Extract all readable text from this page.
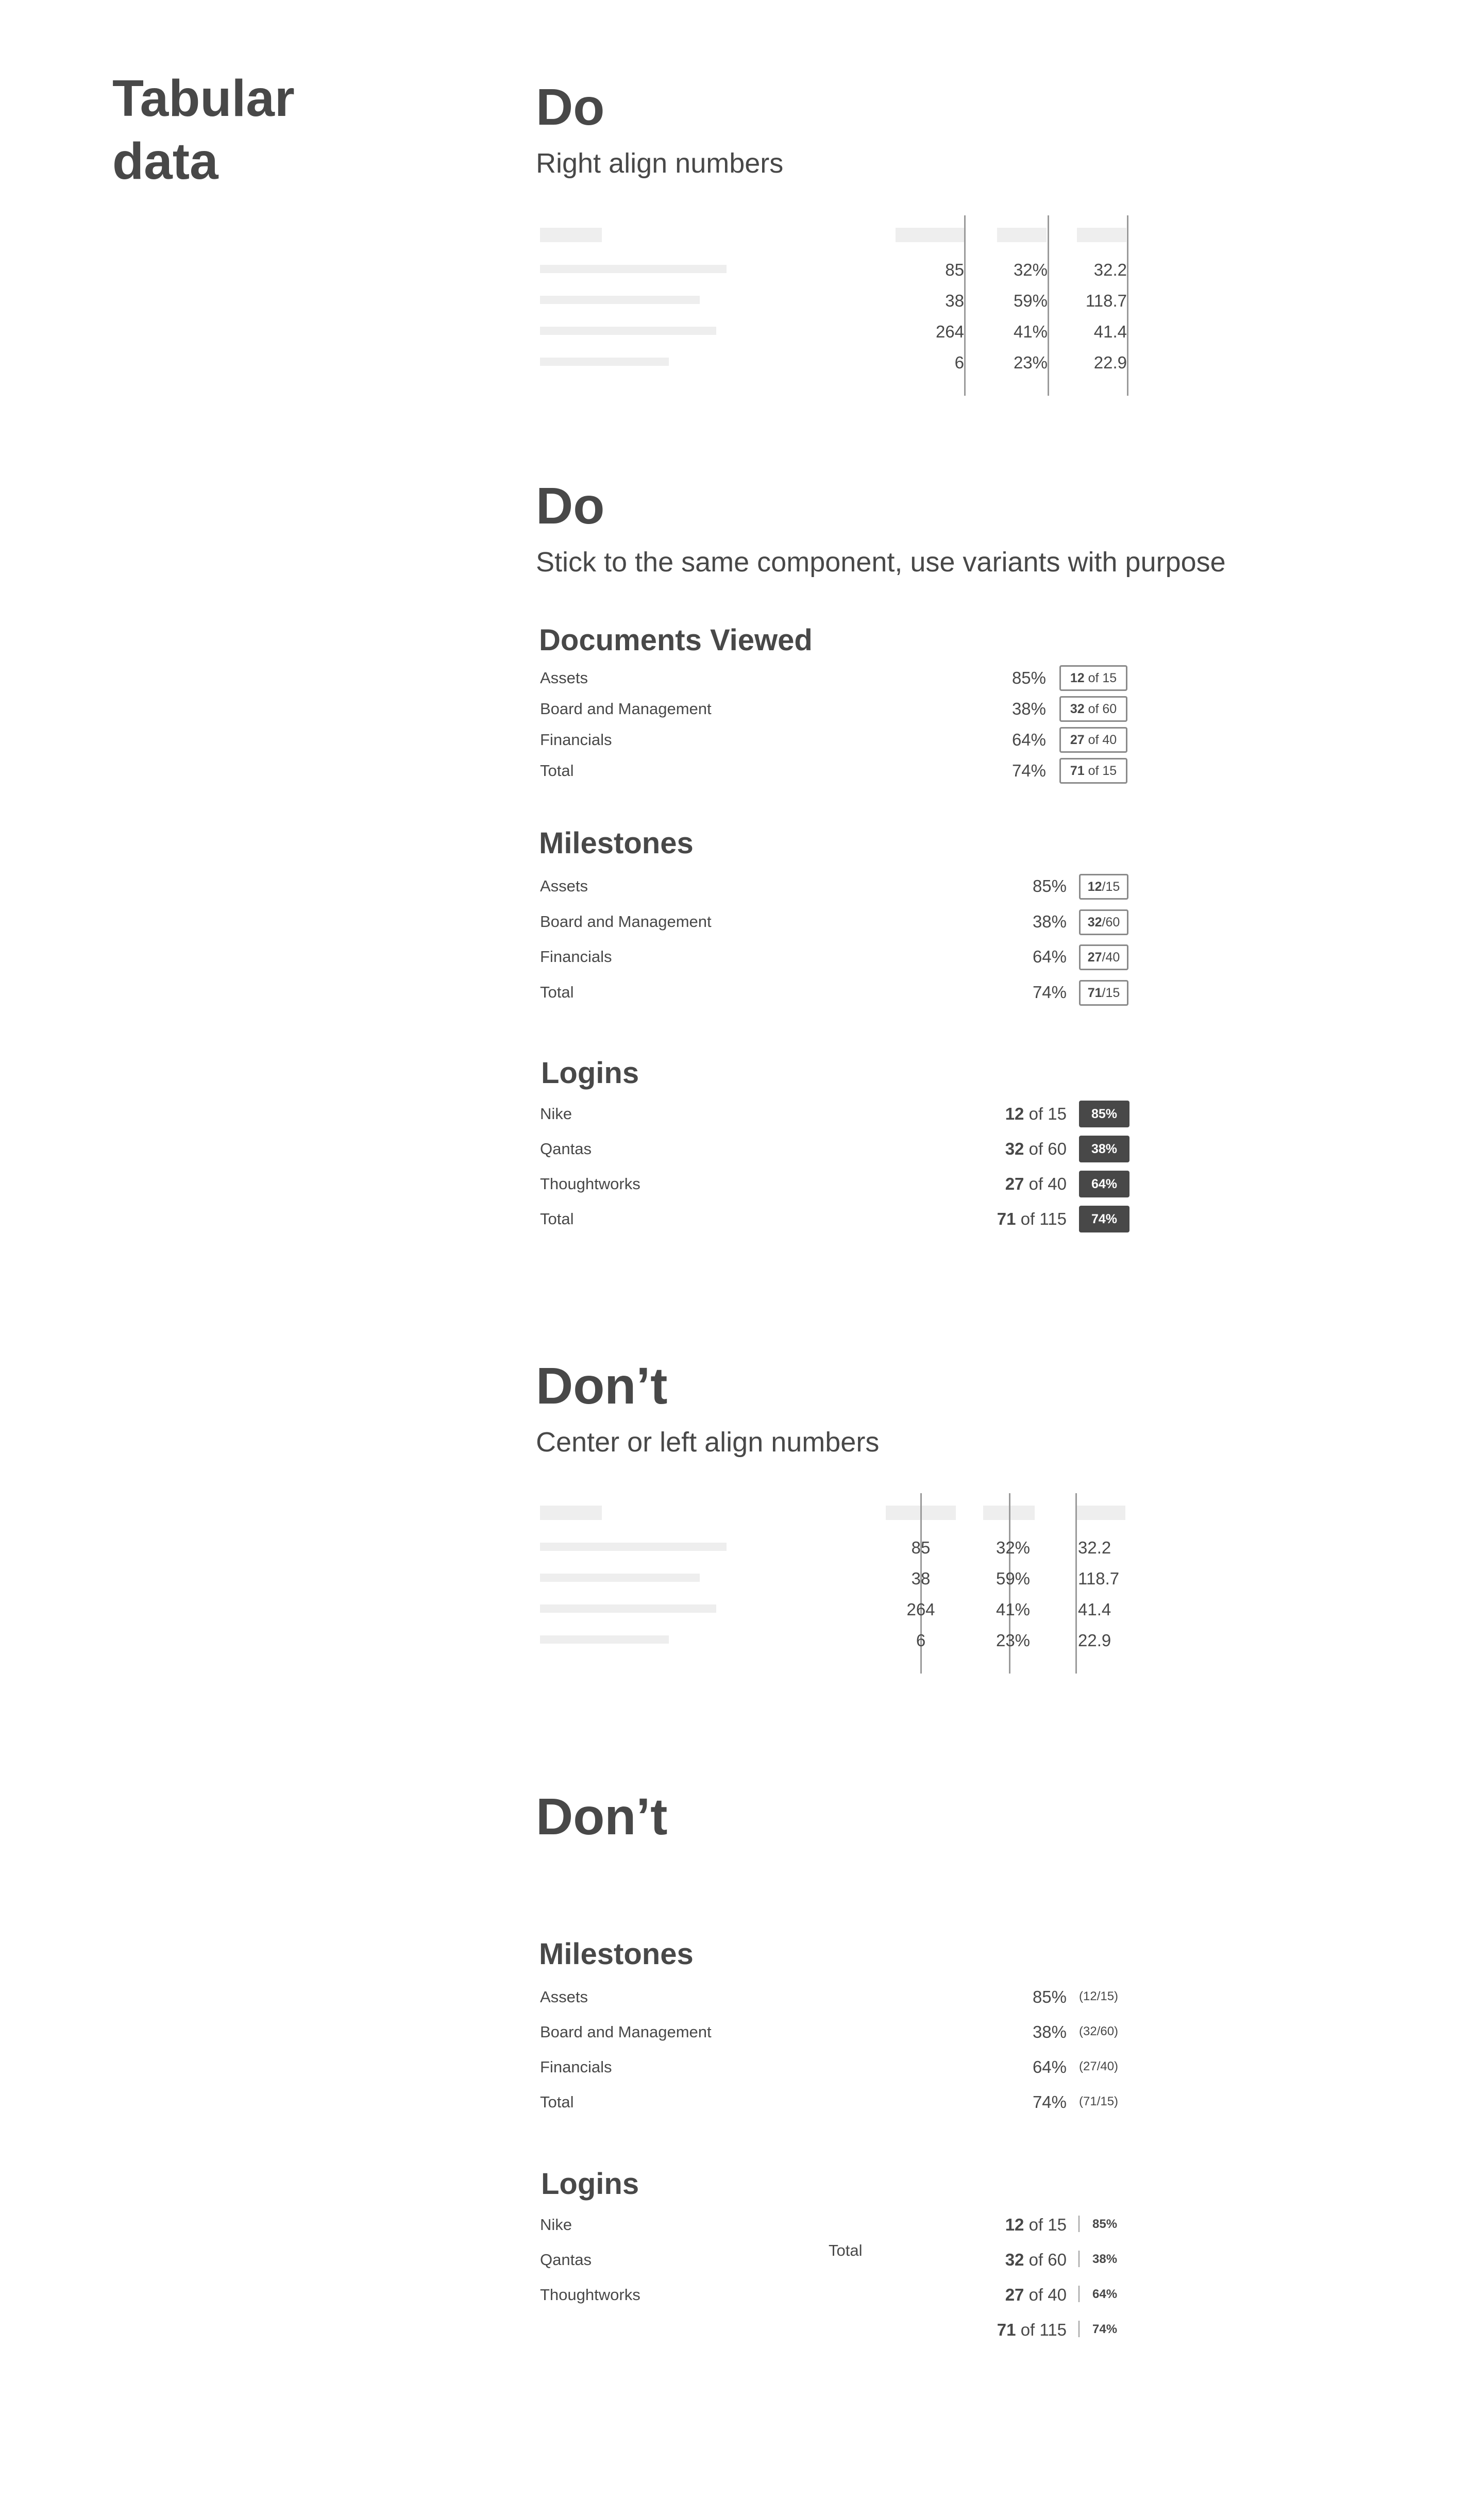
Tabular
data
Do

Right align numbers

85
38
264
6
32%
59%
41%
23%
32.2
118.7
41.4
22.9
Do

Stick to the same component, use variants with purpose

Documents Viewed
Assets
Board and Management
Financials
Total
85%
38%
64%
74%
12
of 15
32
of 60
27
of 40
71
of 15
Milestones
Assets
Board and Management
Financials
Total
85%
38%
64%
74%
12 /15
32 /60
27 /40
71 /15
Logins
Nike
Qantas
Thoughtworks
Total
12 of 15
32 of 60
27 of 40
71 of 115
85%
38%
64%
74%
Don’t

Center or left align numbers

85
38
264
6
32%
59%
41%
23%
32.2
118.7
41.4
22.9
Don’t
Milestones
Assets
Board and Management
Financials
Total
85%
38%
64%
74%
(12/15)
(32/60)
(27/40)
(71/15)
Logins
Nike
Qantas
Thoughtworks
Total
12 of 15
32 of 60
27 of 40
71 of 115
85%
38%
64%
74%
